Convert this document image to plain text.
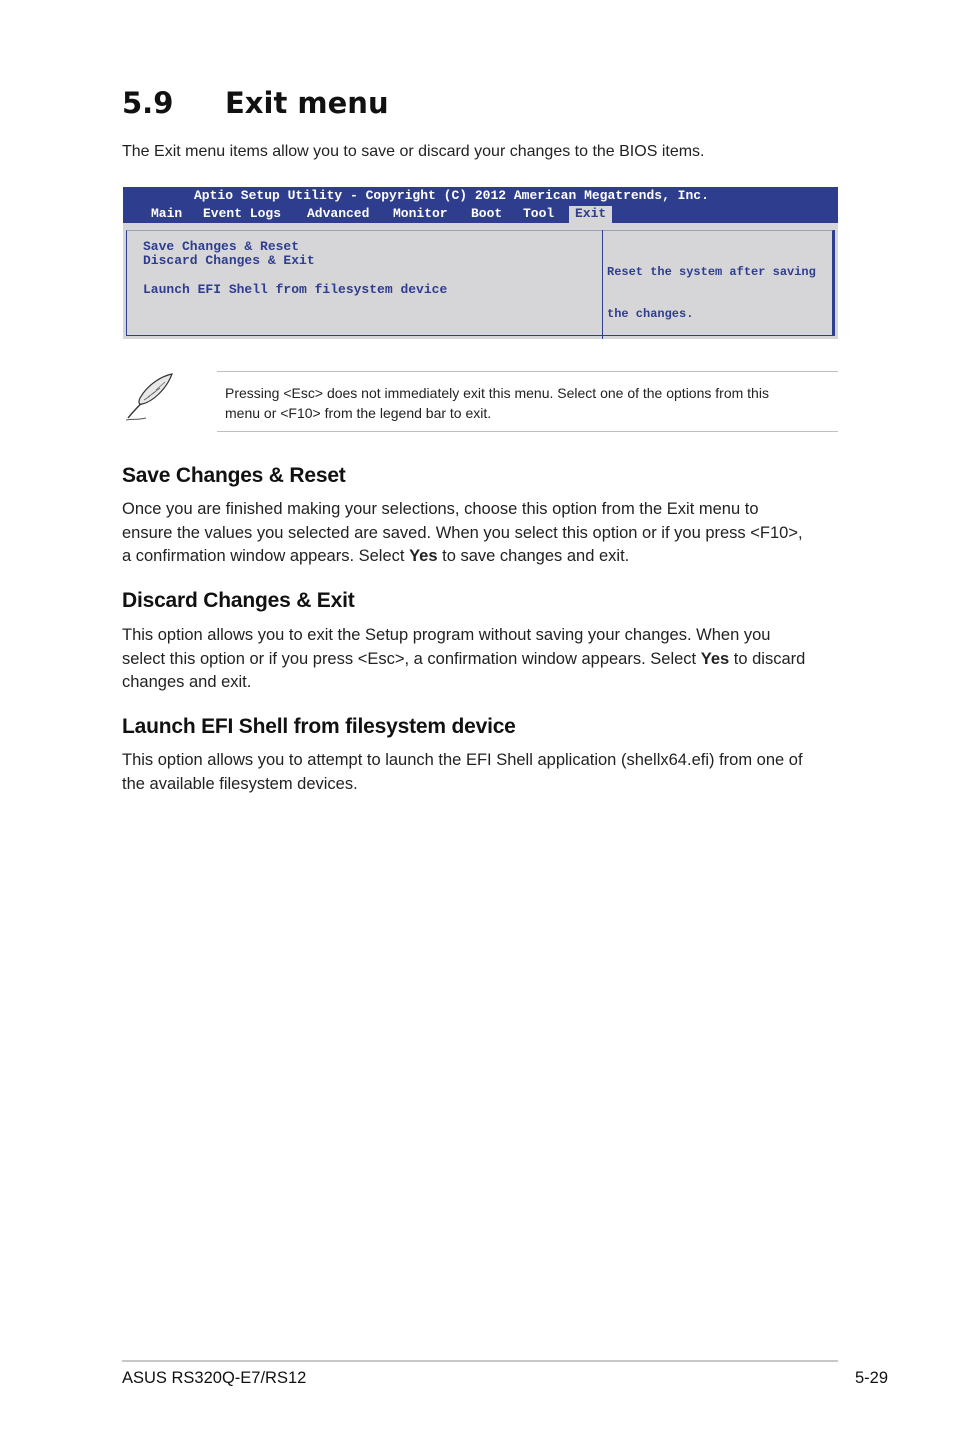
5.9 Exit menu
The Exit menu items allow you to save or discard your changes to the BIOS items.
Aptio Setup Utility - Copyright (C) 2012 American Megatrends, Inc.
Main Event Logs Advanced Monitor Boot Tool	Exit
Save Changes & Reset
Discard Changes & Exit
Launch EFI Shell from filesystem device

Reset the system after saving

the changes.

Pressing <Esc> does not immediately exit this menu. Select one of the options from this
menu or <F10> from the legend bar to exit.
Save Changes & Reset

Once you are finished making your selections, choose this option from the Exit menu to

ensure the values you selected are saved. When you select this option or if you press <F10>,

a confirmation window appears. Select Yes to save changes and exit.

Discard Changes & Exit

This option allows you to exit the Setup program without saving your changes. When you

select this option or if you press <Esc>, a confirmation window appears. Select Yes to discard

changes and exit.

Launch EFI Shell from filesystem device

This option allows you to attempt to launch the EFI Shell application (shellx64.efi) from one of

the available filesystem devices.

ASUS RS320Q-E7/RS12	5-29
